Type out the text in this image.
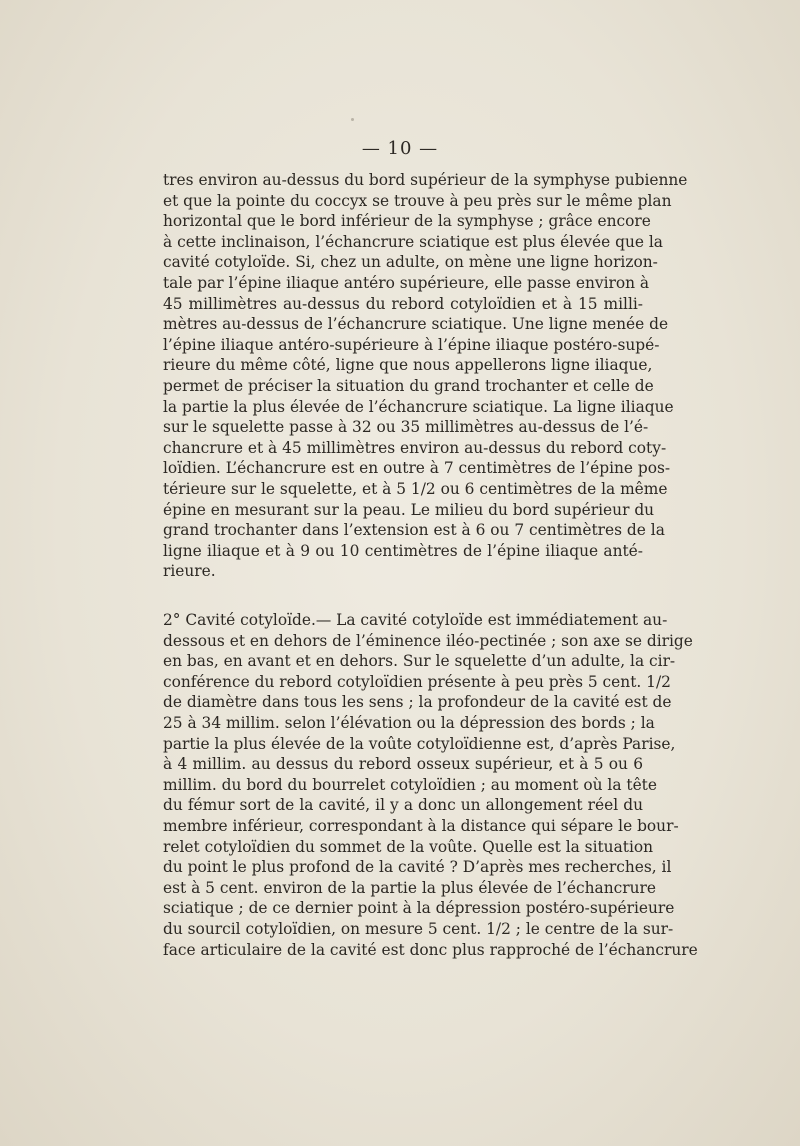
— 10 —
tres environ au-dessus du bord supérieur de la symphyse pubienne
et que la pointe du coccyx se trouve à peu près sur le même plan
horizontal que le bord inférieur de la symphyse ; grâce encore
à cette inclinaison, l’échancrure sciatique est plus élevée que la
cavité cotyloïde. Si, chez un adulte, on mène une ligne horizon-
tale par l’épine iliaque antéro supérieure, elle passe environ à
45 millimètres au-dessus du rebord cotyloïdien et à 15 milli-
mètres au-dessus de l’échancrure sciatique. Une ligne menée de
l’épine iliaque antéro-supérieure à l’épine iliaque postéro-supé-
rieure du même côté, ligne que nous appellerons ligne iliaque,
permet de préciser la situation du grand trochanter et celle de
la partie la plus élevée de l’échancrure sciatique. La ligne iliaque
sur le squelette passe à 32 ou 35 millimètres au-dessus de l’é-
chancrure et à 45 millimètres environ au-dessus du rebord coty-
loïdien. L’échancrure est en outre à 7 centimètres de l’épine pos-
térieure sur le squelette, et à 5 1/2 ou 6 centimètres de la même
épine en mesurant sur la peau. Le milieu du bord supérieur du
grand trochanter dans l’extension est à 6 ou 7 centimètres de la
ligne iliaque et à 9 ou 10 centimètres de l’épine iliaque anté-
rieure.
2° Cavité cotyloïde.— La cavité cotyloïde est immédiatement au-
dessous et en dehors de l’éminence iléo-pectinée ; son axe se dirige
en bas, en avant et en dehors. Sur le squelette d’un adulte, la cir-
conférence du rebord cotyloïdien présente à peu près 5 cent. 1/2
de diamètre dans tous les sens ; la profondeur de la cavité est de
25 à 34 millim. selon l’élévation ou la dépression des bords ; la
partie la plus élevée de la voûte cotyloïdienne est, d’après Parise,
à 4 millim. au dessus du rebord osseux supérieur, et à 5 ou 6
millim. du bord du bourrelet cotyloïdien ; au moment où la tête
du fémur sort de la cavité, il y a donc un allongement réel du
membre inférieur, correspondant à la distance qui sépare le bour-
relet cotyloïdien du sommet de la voûte. Quelle est la situation
du point le plus profond de la cavité ? D’après mes recherches, il
est à 5 cent. environ de la partie la plus élevée de l’échancrure
sciatique ; de ce dernier point à la dépression postéro-supérieure
du sourcil cotyloïdien, on mesure 5 cent. 1/2 ; le centre de la sur-
face articulaire de la cavité est donc plus rapproché de l’échancrure
